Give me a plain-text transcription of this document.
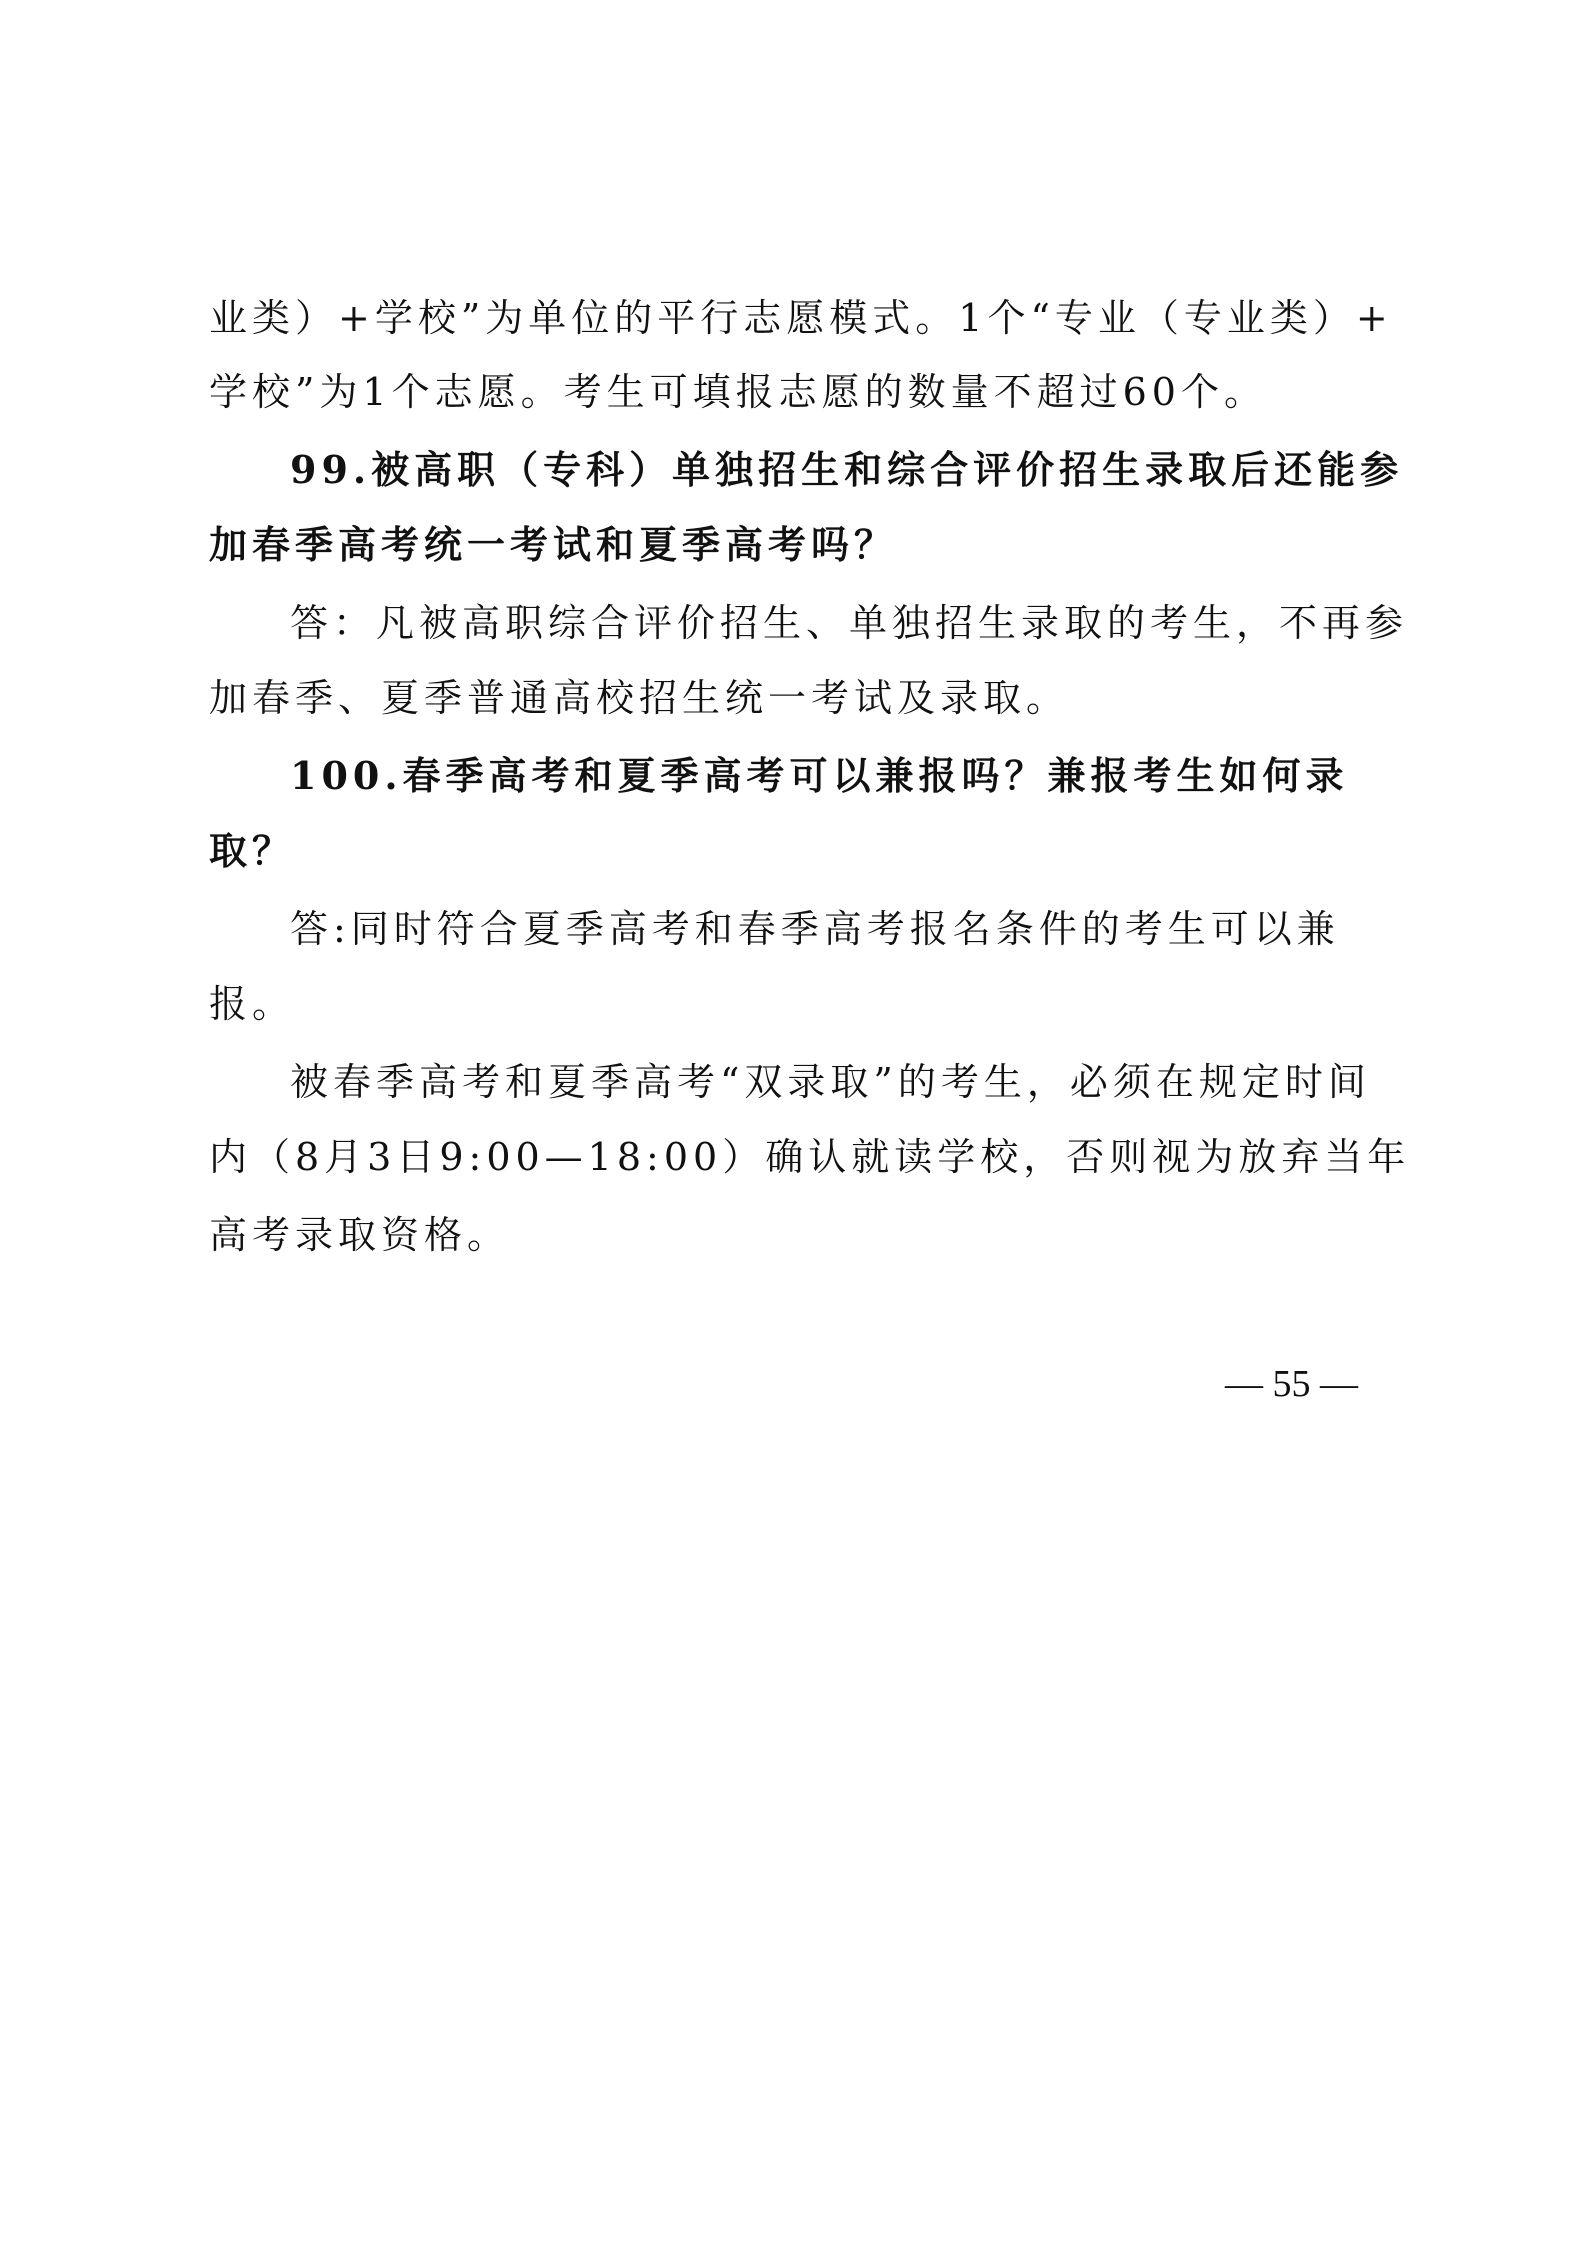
业类）+学校”为单位的平行志愿模式。1个“专业（专业类）+
学校”为1个志愿。考生可填报志愿的数量不超过60个。
99.被高职（专科）单独招生和综合评价招生录取后还能参
加春季高考统一考试和夏季高考吗？
答：凡被高职综合评价招生、单独招生录取的考生，不再参
加春季、夏季普通高校招生统一考试及录取。
100.春季高考和夏季高考可以兼报吗？兼报考生如何录
取？
答:同时符合夏季高考和春季高考报名条件的考生可以兼
报。
被春季高考和夏季高考“双录取”的考生，必须在规定时间
内（8月3日9:00—18:00）确认就读学校，否则视为放弃当年
高考录取资格。
— 55 —
